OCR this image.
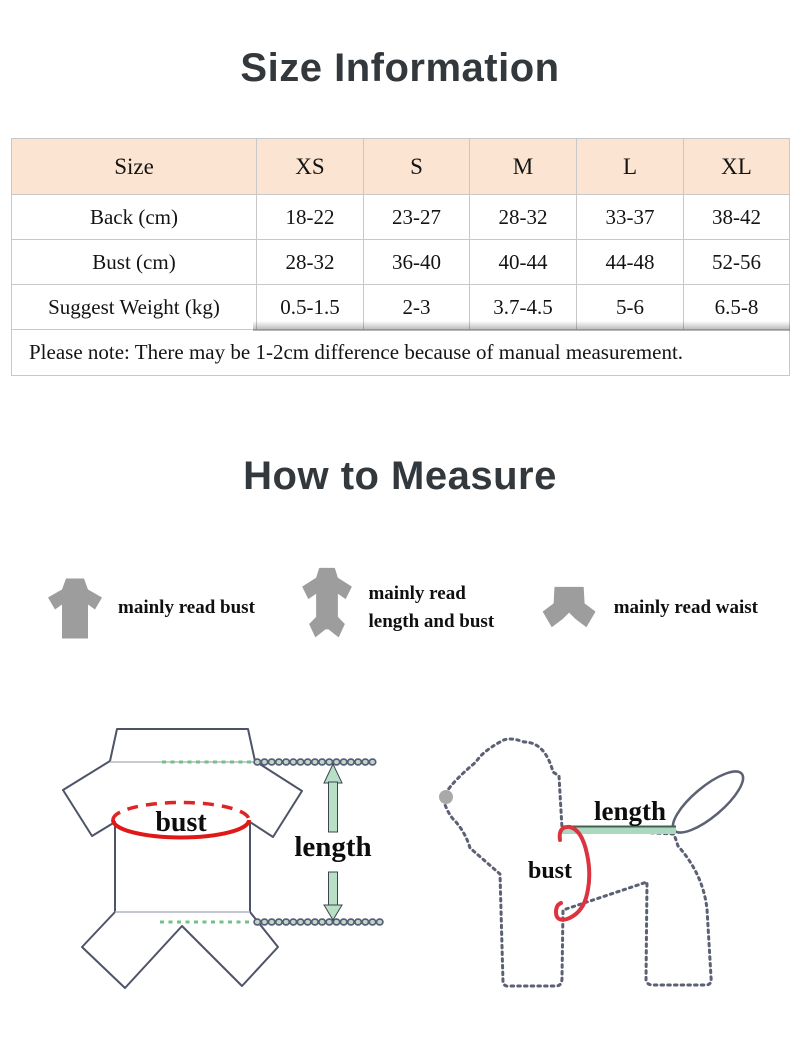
Size Information
Size	XS	S	M	L	XL
Back (cm)	18-22	23-27	28-32	33-37	38-42
Bust (cm)	28-32	36-40	40-44	44-48	52-56
Suggest Weight (kg)	0.5-1.5	2-3	3.7-4.5	5-6	6.5-8
Please note: There may be 1-2cm difference because of manual measurement.					
How to Measure
mainly read bust
mainly read
length and bust
mainly read waist
bust
length
length
bust
